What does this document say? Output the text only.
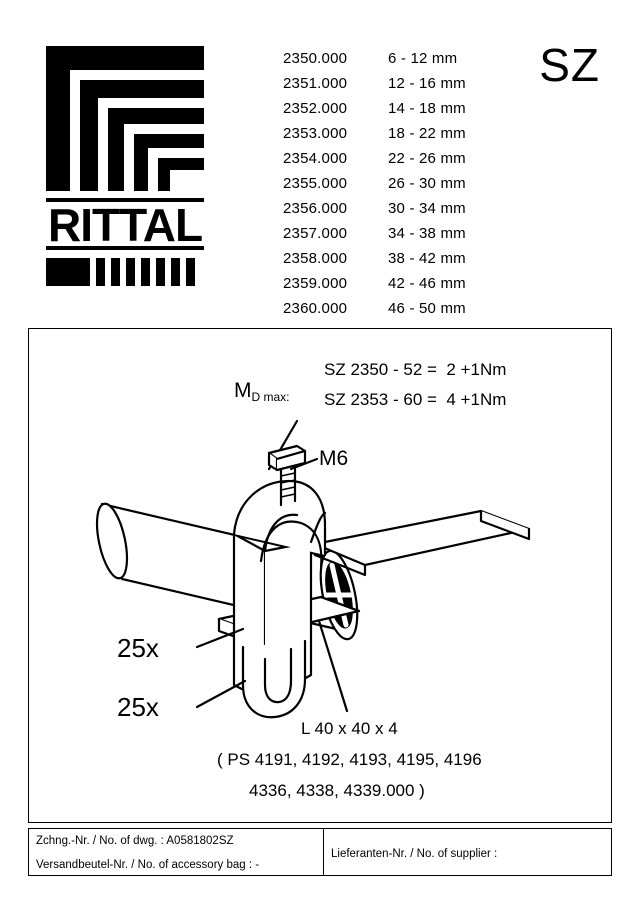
RITTAL
SZ
2350.000	6 - 12 mm
2351.000	12 - 16 mm
2352.000	14 - 18 mm
2353.000	18 - 22 mm
2354.000	22 - 26 mm
2355.000	26 - 30 mm
2356.000	30 - 34 mm
2357.000	34 - 38 mm
2358.000	38 - 42 mm
2359.000	42 - 46 mm
2360.000	46 - 50 mm
SZ 2350 - 52 =  2 +1Nm
SZ 2353 - 60 =  4 +1Nm
$M_{D max:}$
M6
25x
25x
L 40 x 40 x 4
( PS 4191, 4192, 4193, 4195, 4196
4336, 4338, 4339.000 )
Zchng.-Nr. / No. of dwg. : A0581802SZ
Versandbeutel-Nr. / No. of accessory bag : -
Lieferanten-Nr. / No. of supplier :
